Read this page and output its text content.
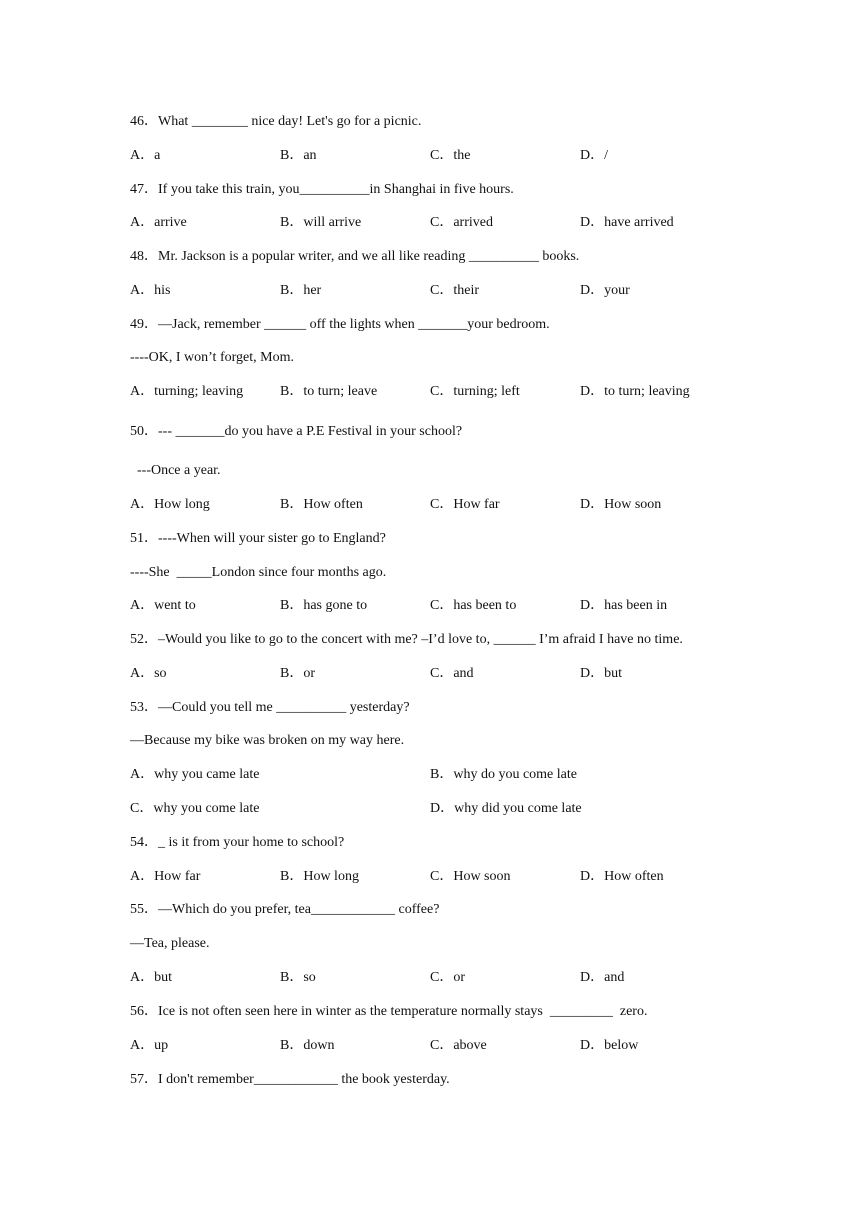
46．What ________ nice day! Let's go for a picnic.
A．a	B．an	C．the	D．/
47．If you take this train, you__________in Shanghai in five hours.
A．arrive	B．will arrive	C．arrived	D．have arrived
48．Mr. Jackson is a popular writer, and we all like reading __________ books.
A．his	B．her	C．their	D．your
49．—Jack, remember ______ off the lights when _______your bedroom.
----OK, I won’t forget, Mom.
A．turning; leaving	B．to turn; leave	C．turning; left	D．to turn; leaving
50．--- _______do you have a P.E Festival in your school?
---Once a year.
A．How long	B．How often	C．How far	D．How soon
51．----When will your sister go to England?
----She  _____London since four months ago.
A．went to	B．has gone to	C．has been to	D．has been in
52．–Would you like to go to the concert with me? –I’d love to, ______ I’m afraid I have no time.
A．so	B．or	C．and	D．but
53．—Could you tell me __________ yesterday?
—Because my bike was broken on my way here.
A．why you came late	B．why do you come late
C．why you come late	D．why did you come late
54．_ is it from your home to school?
A．How far	B．How long	C．How soon	D．How often
55．—Which do you prefer, tea____________ coffee?
—Tea, please.
A．but	B．so	C．or	D．and
56．Ice is not often seen here in winter as the temperature normally stays  _________  zero.
A．up	B．down	C．above	D．below
57．I don't remember____________ the book yesterday.
